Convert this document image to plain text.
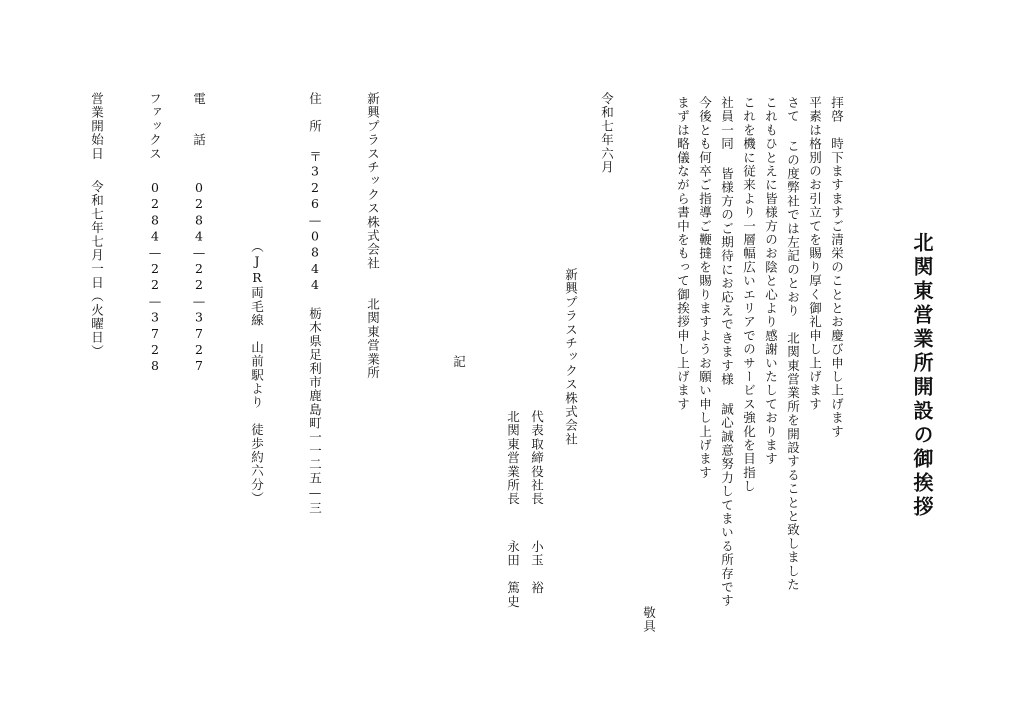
北関東営業所開設の御挨拶
拝啓　時下ますますご清栄のこととお慶び申し上げます
平素は格別のお引立てを賜り厚く御礼申し上げます
さて この度弊社では左記のとおり　北関東営業所を開設することと致しました
これもひとえに皆様方のお陰と心より感謝いたしております
これを機に従来より一層幅広いエリアでのサービス強化を目指し
社員一同 皆様方のご期待にお応えできます様 誠心誠意努力してまいる所存です
今後とも何卒ご指導ご鞭撻を賜りますようお願い申し上げます
まずは略儀ながら書中をもって御挨拶申し上げます
敬具
令和七年六月
新興プラスチックス株式会社
代表取締役社長
小玉　裕
北関東営業所長
永田　篤史
記
新興プラスチックス株式会社　　北関東営業所
住　所
〒326—0844　栃木県足利市鹿島町一一二五—三
（JR両毛線　山前駅より　徒歩約六分）
電　　話
0284—22—3727
ファックス
0284—22—3728
営業開始日
令和七年七月一日（火曜日）
